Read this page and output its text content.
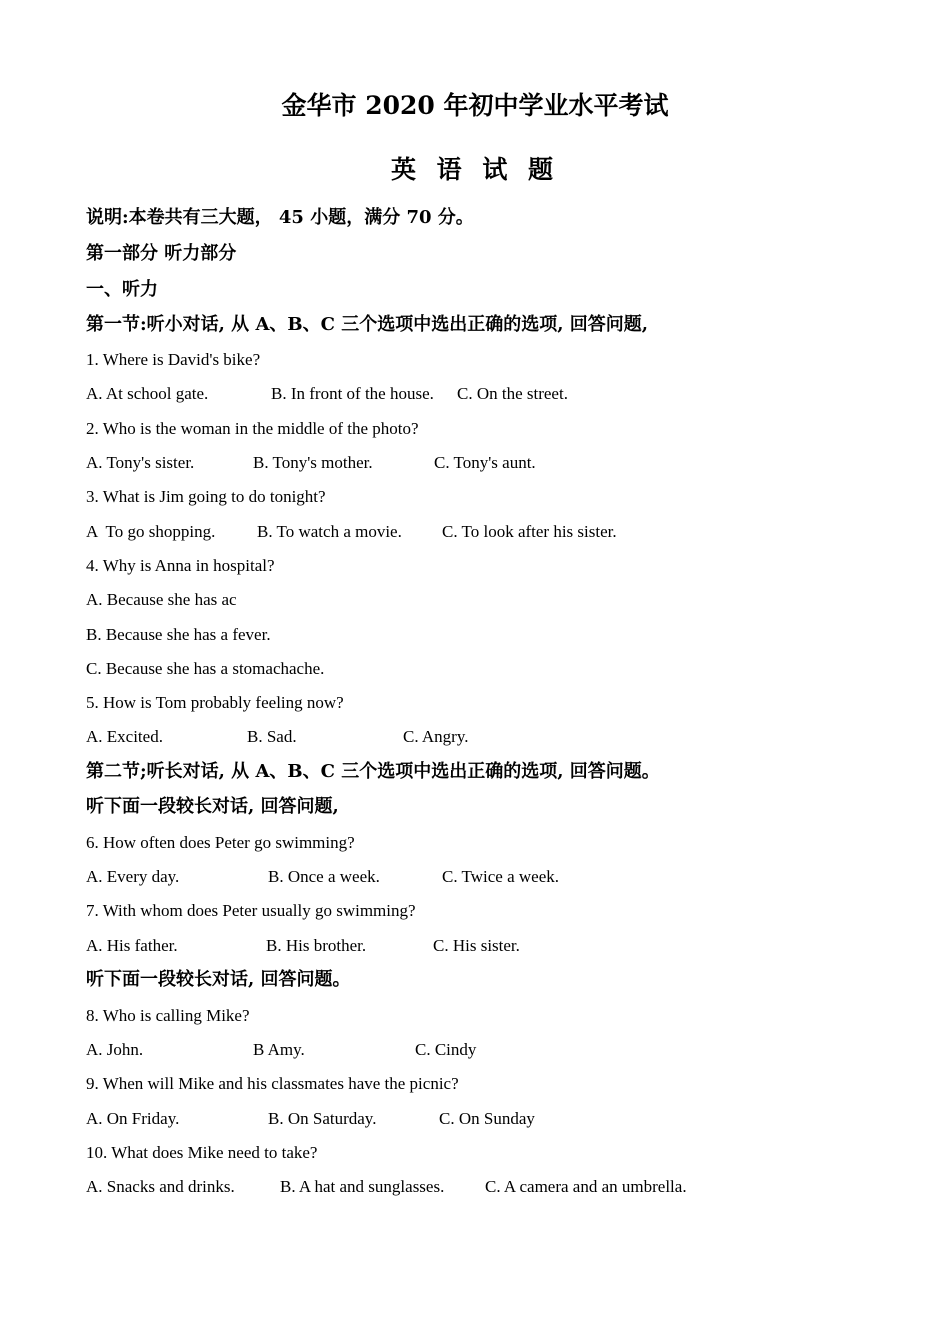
金华市 2020 年初中学业水平考试
英 语 试 题
说明:本卷共有三大题， 45 小题，满分 70 分。
第一部分 听力部分
一、听力
第一节:听小对话, 从 A、B、C 三个选项中选出正确的选项, 回答问题,
1. Where is David's bike?
A. At school gate.	B. In front of the house. C. On the street.
2. Who is the woman in the middle of the photo?
A. Tony's sister.	B. Tony's mother.	C. Tony's aunt.
3. What is Jim going to do tonight?
A  To go shopping. B. To watch a movie. C. To look after his sister.
4. Why is Anna in hospital?
A. Because she has ac
B. Because she has a fever.
C. Because she has a stomachache.
5. How is Tom probably feeling now?
A. Excited.	B. Sad.	C. Angry.
第二节;听长对话, 从 A、B、C 三个选项中选出正确的选项, 回答问题。
听下面一段较长对话, 回答问题,
6. How often does Peter go swimming?
A. Every day.	B. Once a week.	C. Twice a week.
7. With whom does Peter usually go swimming?
A. His father.	B. His brother.	C. His sister.
听下面一段较长对话, 回答问题。
8. Who is calling Mike?
A. John.	B Amy.	C. Cindy
9. When will Mike and his classmates have the picnic?
A. On Friday.	B. On Saturday.	C. On Sunday
10. What does Mike need to take?
A. Snacks and drinks.	B. A hat and sunglasses. C. A camera and an umbrella.
